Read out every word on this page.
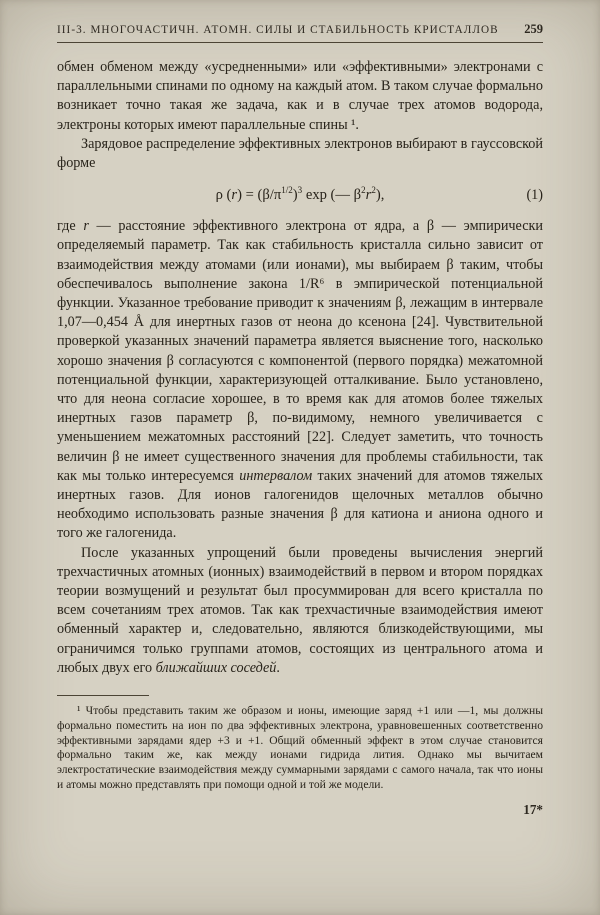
III-3. МНОГОЧАСТИЧН. АТОМН. СИЛЫ И СТАБИЛЬНОСТЬ КРИСТАЛЛОВ 259

обмен обменом между «усредненными» или «эффективными» электронами с параллельными спинами по одному на каждый атом. В таком случае формально возникает точно такая же задача, как и в случае трех атомов водорода, электроны которых имеют параллельные спины ¹.

Зарядовое распределение эффективных электронов выбирают в гауссовской форме

ρ $(r) = (\beta/\pi^{1/2})^3$ exp (— $\beta^2r^2$),	(1)

где r — расстояние эффективного электрона от ядра, а β — эмпирически определяемый параметр. Так как стабильность кристалла сильно зависит от взаимодействия между атомами (или ионами), мы выбираем β таким, чтобы обеспечивалось выполнение закона 1/R⁶ в эмпирической потенциальной функции. Указанное требование приводит к значениям β, лежащим в интервале 1,07—0,454 Å для инертных газов от неона до ксенона [24]. Чувствительной проверкой указанных значений параметра является выяснение того, насколько хорошо значения β согласуются с компонентой (первого порядка) межатомной потенциальной функции, характеризующей отталкивание. Было установлено, что для неона согласие хорошее, в то время как для атомов более тяжелых инертных газов параметр β, по-видимому, немного увеличивается с уменьшением межатомных расстояний [22]. Следует заметить, что точность величин β не имеет существенного значения для проблемы стабильности, так как мы только интересуемся интервалом таких значений для атомов тяжелых инертных газов. Для ионов галогенидов щелочных металлов обычно необходимо использовать разные значения β для катиона и аниона одного и того же галогенида.

После указанных упрощений были проведены вычисления энергий трехчастичных атомных (ионных) взаимодействий в первом и втором порядках теории возмущений и результат был просуммирован для всего кристалла по всем сочетаниям трех атомов. Так как трехчастичные взаимодействия имеют обменный характер и, следовательно, являются близкодействующими, мы ограничимся только группами атомов, состоящих из центрального атома и любых двух его ближайших соседей.

¹ Чтобы представить таким же образом и ионы, имеющие заряд +1 или —1, мы должны формально поместить на ион по два эффективных электрона, уравновешенных соответственно эффективными зарядами ядер +3 и +1. Общий обменный эффект в этом случае становится формально таким же, как между ионами гидрида лития. Однако мы вычитаем электростатические взаимодействия между суммарными зарядами с самого начала, так что ионы и атомы можно представлять при помощи одной и той же модели.

17*
